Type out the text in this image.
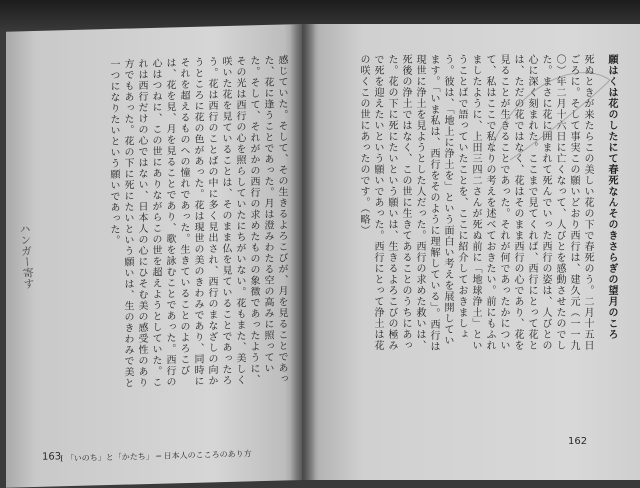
感じていた。そして、その生きるよろこびが、月を見ることであった、花に逢うことであった。月は澄みわたる空の高みに照っていた。そして、それがかの西行の求めたものの象徴であったように、その光は西行の心を照らしていたにちがいない。花もまた、美しく咲いた花を見ていることは、そのまま仏を見ていることであったろう。花は西行のことばの中に多く見出され、西行のまなざしの向かうところに花の色があった。花は現世の美のきわみであり、同時にそれを超えるものへの憧れであった。生きていることのよろこびは、花を見、月を見ることであり、歌を詠むことであった。西行の心はつねに、この世にありながらこの世を超えようとしていた。これは西行だけの心ではない、日本人の心にひそむ美の感受性のあり方でもあった。花の下に死にたいという願いは、生のきわみで美と一つになりたいという願いであった。
163
I 「いのち」と「かたち」 ─ 日本人のこころのあり方
ハンガー寄す	願はくは花のしたにて春死なんそのきさらぎの望月のころ
死ぬときが来たらこの美しい花の下で春死のう。二月十五日ごろに。そして事実この願いどおり西行は、建久元（一一九〇）年二月十六日に亡くなって、人びとを感動させたのでした。まさに花に囲まれて死んでいった西行の姿は、人びとの心に深く刻まれた。ここまで見てくれば、西行にとって花とは、ただの花ではなく、花はそのまま西行の心であり、花を見ることが生きることであった。それが何であったかについて、私はここで私なりの考えを述べておきたい。前にもふれましたように、上田三四二さんが死ぬ前に「地球浄土」ということばで語っていたことを、ここに紹介しておきましょう。彼は、「地上に浄土を」という面白い考えを展開しています。「いま私は、西行をそのように理解している」。西行は現世に浄土を見ようとした人だった。西行の求めた救いは、死後の浄土ではなく、この世に生きてあることのうちにあった。花の下に死にたいという願いは、生きるよろこびの極みで死を迎えたいという願いであった。西行にとって浄土は花の咲くこの世にあったのです。（略）
162
